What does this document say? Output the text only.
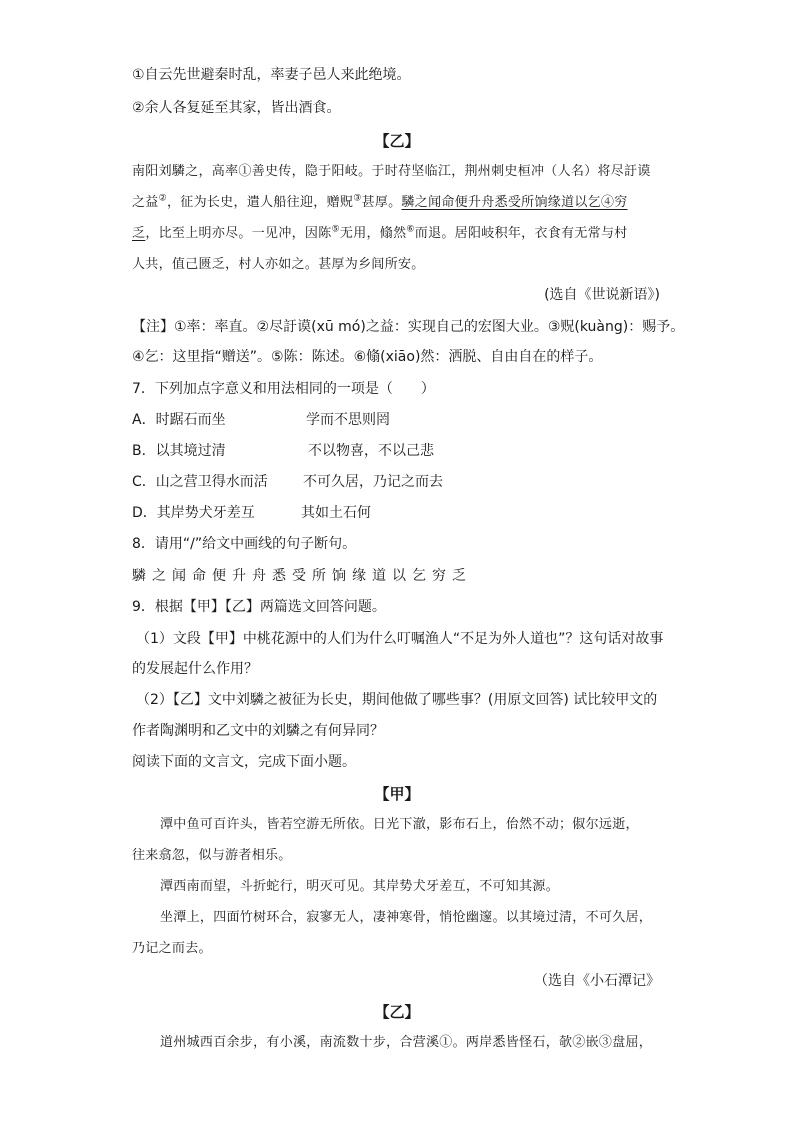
①自云先世避秦时乱，率妻子邑人来此绝境。
②余人各复延至其家，皆出酒食。
【乙】
南阳刘驎之，高率①善史传，隐于阳岐。于时苻坚临江，荆州刺史桓冲（人名）将尽訏谟
之益②，征为长史，遣人船往迎，赠贶③甚厚。驎之闻命便升舟悉受所饷缘道以乞④穷
乏，比至上明亦尽。一见冲，因陈⑤无用，翛然⑥而退。居阳岐积年，衣食有无常与村
人共，值己匮乏，村人亦如之。甚厚为乡闾所安。
(选自《世说新语》)
【注】①率：率直。②尽訏谟(xū mó)之益：实现自己的宏图大业。③贶(kuàng)：赐予。
④乞：这里指“赠送”。⑤陈：陈述。⑥翛(xiāo)然：洒脱、自由自在的样子。
7．下列加点字意义和用法相同的一项是（　　）
A．时踞石而坐	学而不思则罔
B．以其境过清	不以物喜，不以己悲
C．山之营卫得水而活	不可久居，乃记之而去
D．其岸势犬牙差互	其如土石何
8．请用“/”给文中画线的句子断句。
驎之闻命便升舟悉受所饷缘道以乞穷乏
9．根据【甲】【乙】两篇选文回答问题。
（1）文段【甲】中桃花源中的人们为什么叮嘱渔人“不足为外人道也”？这句话对故事
的发展起什么作用？
（2）【乙】文中刘驎之被征为长史，期间他做了哪些事？(用原文回答) 试比较甲文的
作者陶渊明和乙文中的刘驎之有何异同？
阅读下面的文言文，完成下面小题。
【甲】
潭中鱼可百许头，皆若空游无所依。日光下澈，影布石上，佁然不动；俶尔远逝，
往来翕忽，似与游者相乐。
潭西南而望，斗折蛇行，明灭可见。其岸势犬牙差互，不可知其源。
坐潭上，四面竹树环合，寂寥无人，凄神寒骨，悄怆幽邃。以其境过清，不可久居，
乃记之而去。
（选自《小石潭记》
【乙】
道州城西百余步，有小溪，南流数十步，合营溪①。两岸悉皆怪石，欹②嵌③盘屈，
